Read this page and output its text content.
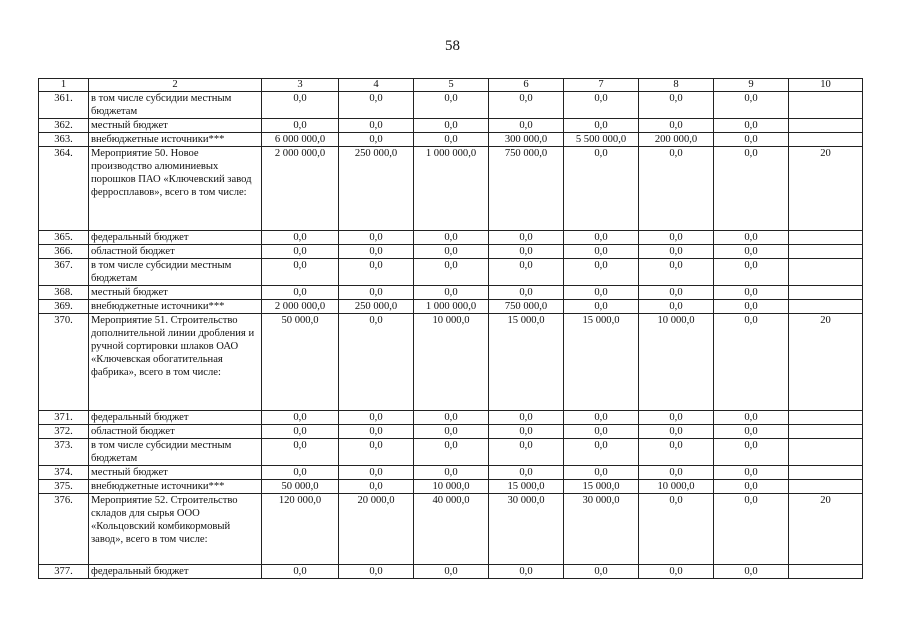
58
1	2	3	4	5	6	7	8	9	10
361.	в том числе субсидии местным бюджетам	0,0	0,0	0,0	0,0	0,0	0,0	0,0	
362.	местный бюджет	0,0	0,0	0,0	0,0	0,0	0,0	0,0	
363.	внебюджетные источники***	6 000 000,0	0,0	0,0	300 000,0	5 500 000,0	200 000,0	0,0	
364.	Мероприятие 50. Новое производство алюминиевых порошков ПАО «Ключевский завод ферросплавов», всего в том числе:	2 000 000,0	250 000,0	1 000 000,0	750 000,0	0,0	0,0	0,0	20
365.	федеральный бюджет	0,0	0,0	0,0	0,0	0,0	0,0	0,0	
366.	областной бюджет	0,0	0,0	0,0	0,0	0,0	0,0	0,0	
367.	в том числе субсидии местным бюджетам	0,0	0,0	0,0	0,0	0,0	0,0	0,0	
368.	местный бюджет	0,0	0,0	0,0	0,0	0,0	0,0	0,0	
369.	внебюджетные источники***	2 000 000,0	250 000,0	1 000 000,0	750 000,0	0,0	0,0	0,0	
370.	Мероприятие 51. Строительство дополнительной линии дробления и ручной сортировки шлаков ОАО «Ключевская обогатительная фабрика», всего в том числе:	50 000,0	0,0	10 000,0	15 000,0	15 000,0	10 000,0	0,0	20
371.	федеральный бюджет	0,0	0,0	0,0	0,0	0,0	0,0	0,0	
372.	областной бюджет	0,0	0,0	0,0	0,0	0,0	0,0	0,0	
373.	в том числе субсидии местным бюджетам	0,0	0,0	0,0	0,0	0,0	0,0	0,0	
374.	местный бюджет	0,0	0,0	0,0	0,0	0,0	0,0	0,0	
375.	внебюджетные источники***	50 000,0	0,0	10 000,0	15 000,0	15 000,0	10 000,0	0,0	
376.	Мероприятие 52. Строительство складов для сырья ООО «Кольцовский комбикормовый завод», всего в том числе:	120 000,0	20 000,0	40 000,0	30 000,0	30 000,0	0,0	0,0	20
377.	федеральный бюджет	0,0	0,0	0,0	0,0	0,0	0,0	0,0	
